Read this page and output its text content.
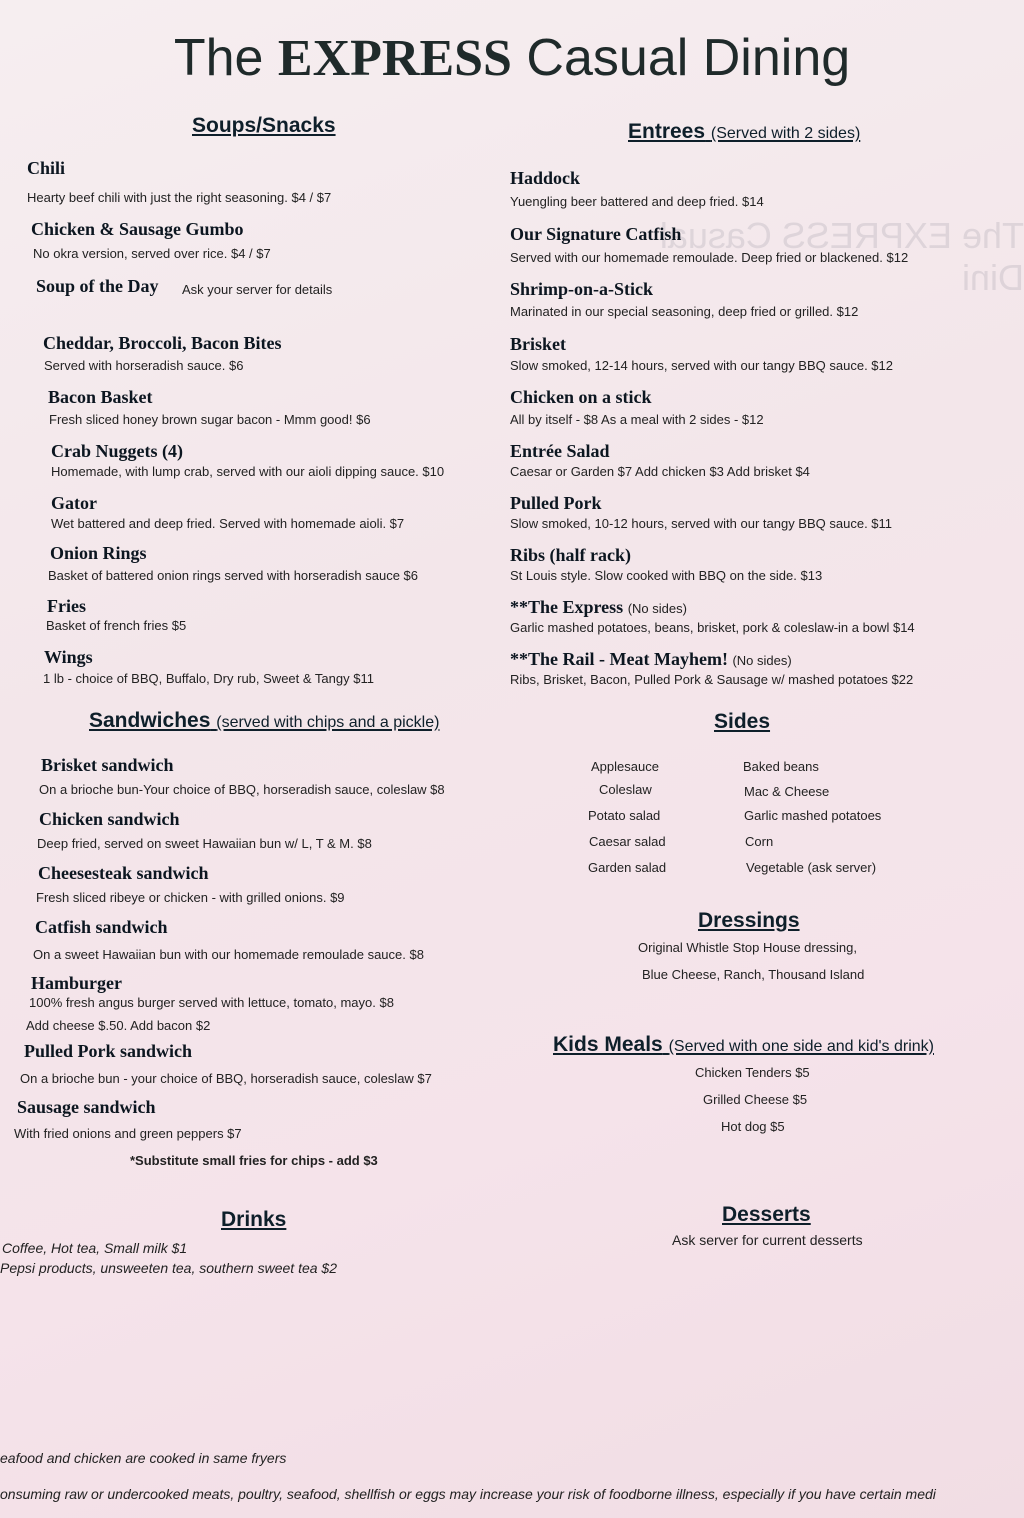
The EXPRESS Casual Dini
The EXPRESS Casual Dining
Soups/Snacks
Chili
Hearty beef chili with just the right seasoning. $4 / $7
Chicken & Sausage Gumbo
No okra version, served over rice. $4 / $7
Soup of the Day Ask your server for details
Cheddar, Broccoli, Bacon Bites
Served with horseradish sauce. $6
Bacon Basket
Fresh sliced honey brown sugar bacon - Mmm good! $6
Crab Nuggets (4)
Homemade, with lump crab, served with our aioli dipping sauce. $10
Gator
Wet battered and deep fried. Served with homemade aioli. $7
Onion Rings
Basket of battered onion rings served with horseradish sauce $6
Fries
Basket of french fries $5
Wings
1 lb - choice of BBQ, Buffalo, Dry rub, Sweet & Tangy $11
Entrees (Served with 2 sides)
Haddock
Yuengling beer battered and deep fried. $14
Our Signature Catfish
Served with our homemade remoulade. Deep fried or blackened. $12
Shrimp-on-a-Stick
Marinated in our special seasoning, deep fried or grilled. $12
Brisket
Slow smoked, 12-14 hours, served with our tangy BBQ sauce. $12
Chicken on a stick
All by itself - $8 As a meal with 2 sides - $12
Entrée Salad
Caesar or Garden $7 Add chicken $3 Add brisket $4
Pulled Pork
Slow smoked, 10-12 hours, served with our tangy BBQ sauce. $11
Ribs (half rack)
St Louis style. Slow cooked with BBQ on the side. $13
**The Express (No sides)
Garlic mashed potatoes, beans, brisket, pork & coleslaw-in a bowl $14
**The Rail - Meat Mayhem! (No sides)
Ribs, Brisket, Bacon, Pulled Pork & Sausage w/ mashed potatoes $22
Sandwiches (served with chips and a pickle)
Brisket sandwich
On a brioche bun-Your choice of BBQ, horseradish sauce, coleslaw $8
Chicken sandwich
Deep fried, served on sweet Hawaiian bun w/ L, T & M. $8
Cheesesteak sandwich
Fresh sliced ribeye or chicken - with grilled onions. $9
Catfish sandwich
On a sweet Hawaiian bun with our homemade remoulade sauce. $8
Hamburger
100% fresh angus burger served with lettuce, tomato, mayo. $8
Add cheese $.50. Add bacon $2
Pulled Pork sandwich
On a brioche bun - your choice of BBQ, horseradish sauce, coleslaw $7
Sausage sandwich
With fried onions and green peppers $7
*Substitute small fries for chips - add $3
Sides
Applesauce
Coleslaw
Potato salad
Caesar salad
Garden salad
Baked beans
Mac & Cheese
Garlic mashed potatoes
Corn
Vegetable (ask server)
Dressings
Original Whistle Stop House dressing,
Blue Cheese, Ranch, Thousand Island
Kids Meals (Served with one side and kid's drink)
Chicken Tenders $5
Grilled Cheese $5
Hot dog $5
Drinks
Coffee, Hot tea, Small milk $1
Pepsi products, unsweeten tea, southern sweet tea $2
Desserts
Ask server for current desserts
eafood and chicken are cooked in same fryers
onsuming raw or undercooked meats, poultry, seafood, shellfish or eggs may increase your risk of foodborne illness, especially if you have certain medi
